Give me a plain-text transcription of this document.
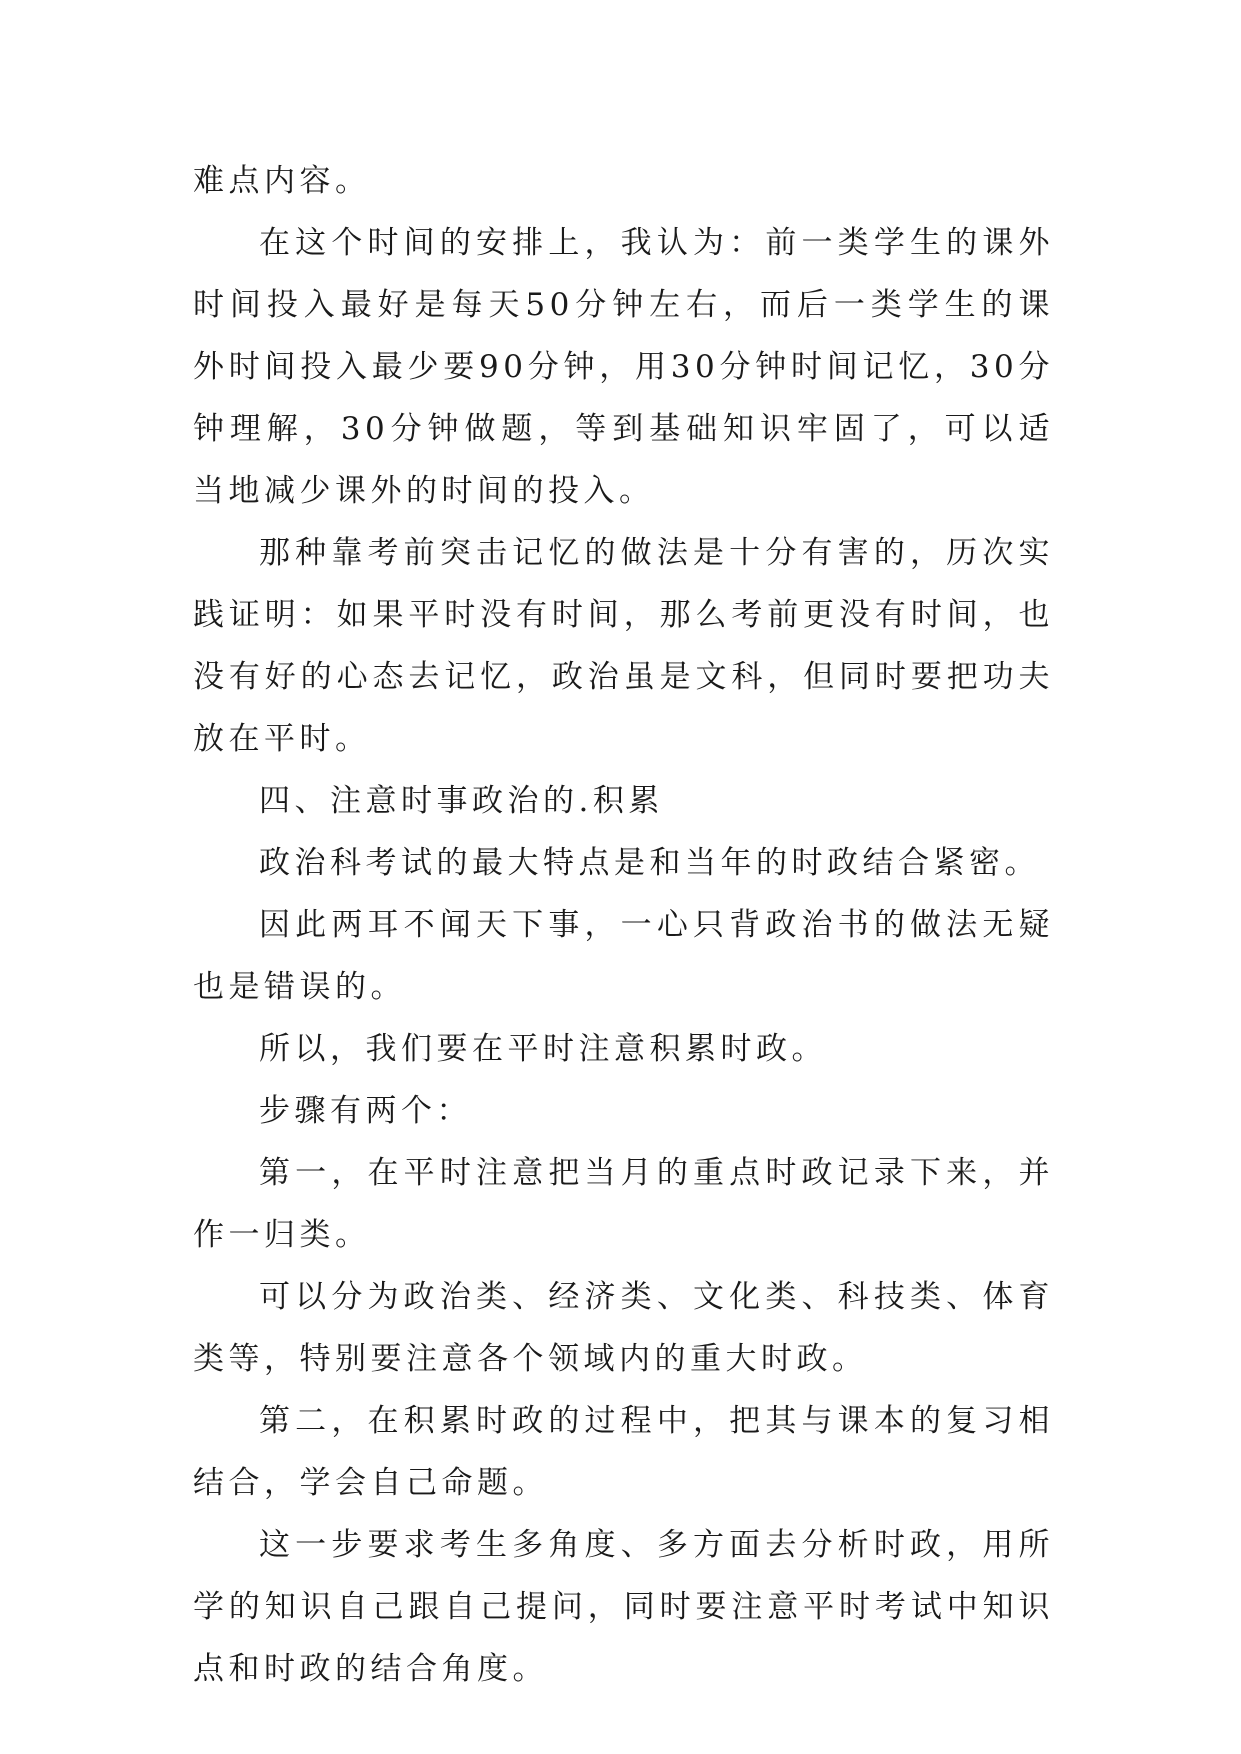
难点内容。

在这个时间的安排上，我认为：前一类学生的课外时间投入最好是每天50分钟左右，而后一类学生的课外时间投入最少要90分钟，用30分钟时间记忆，30分钟理解，30分钟做题，等到基础知识牢固了，可以适当地减少课外的时间的投入。

那种靠考前突击记忆的做法是十分有害的，历次实践证明：如果平时没有时间，那么考前更没有时间，也没有好的心态去记忆，政治虽是文科，但同时要把功夫放在平时。

四、注意时事政治的.积累

政治科考试的最大特点是和当年的时政结合紧密。

因此两耳不闻天下事，一心只背政治书的做法无疑也是错误的。

所以，我们要在平时注意积累时政。

步骤有两个：

第一，在平时注意把当月的重点时政记录下来，并作一归类。

可以分为政治类、经济类、文化类、科技类、体育类等，特别要注意各个领域内的重大时政。

第二，在积累时政的过程中，把其与课本的复习相结合，学会自己命题。

这一步要求考生多角度、多方面去分析时政，用所学的知识自己跟自己提问，同时要注意平时考试中知识点和时政的结合角度。
